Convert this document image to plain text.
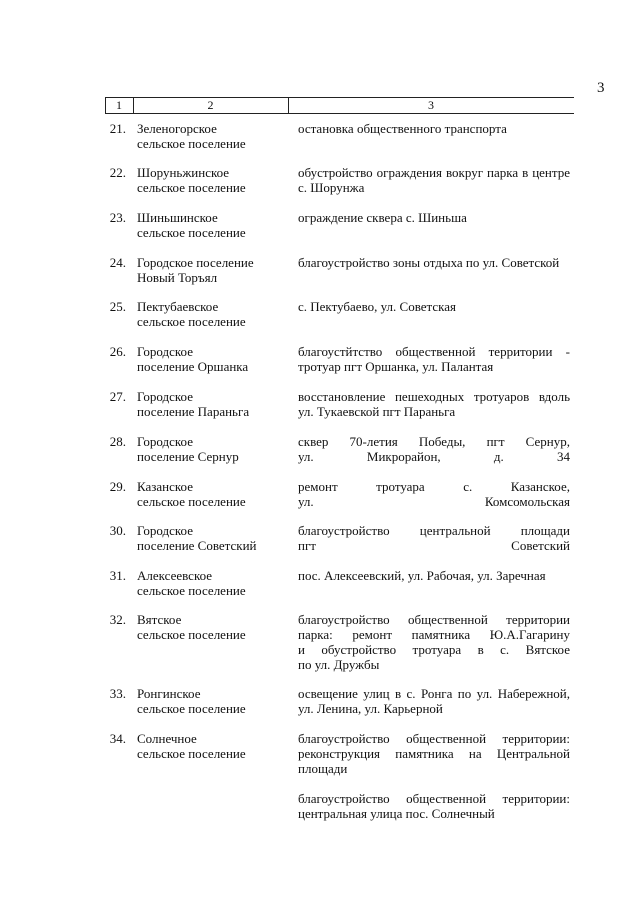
3
1	2	3
21. Зеленогорское
сельское поселение
остановка общественного транспорта
22. Шоруньжинское
сельское поселение
обустройство ограждения вокруг парка в центре
с. Шорунжа
23. Шиньшинское
сельское поселение
ограждение сквера с. Шиньша
24. Городское поселение
Новый Торъял
благоустройство зоны отдыха по ул. Советской
25. Пектубаевское
сельское поселение
с. Пектубаево, ул. Советская
26. Городское
поселение Оршанка
благоустйтство общественной территории -
тротуар пгт Оршанка, ул. Палантая
27. Городское
поселение Параньга
восстановление пешеходных тротуаров вдоль
ул. Тукаевской пгт Параньга
28. Городское
поселение Сернур
сквер 70-летия Победы, пгт Сернур,
ул. Микрорайон, д. 34
29. Казанское
сельское поселение
ремонт тротуара с. Казанское,
ул. Комсомольская
30. Городское
поселение Советский
благоустройство центральной площади
пгт Советский
31. Алексеевское
сельское поселение
пос. Алексеевский, ул. Рабочая, ул. Заречная
32. Вятское
сельское поселение
благоустройство общественной территории
парка: ремонт памятника Ю.А.Гагарину
и обустройство тротуара в с. Вятское
по ул. Дружбы
33. Ронгинское
сельское поселение
освещение улиц в с. Ронга по ул. Набережной,
ул. Ленина, ул. Карьерной
34. Солнечное
сельское поселение
благоустройство общественной территории:
реконструкция памятника на Центральной
площади
благоустройство общественной территории:
центральная улица пос. Солнечный
